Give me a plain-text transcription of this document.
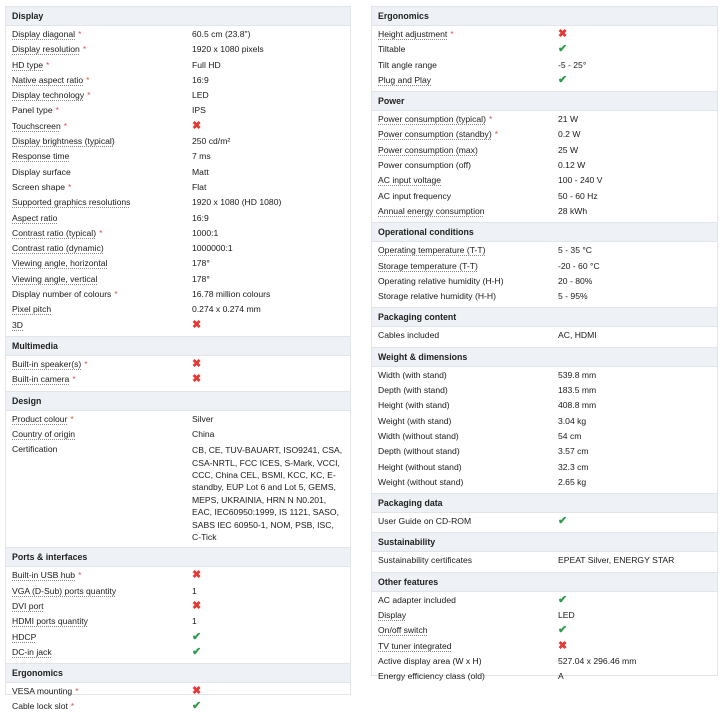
Display
Display diagonal *	60.5 cm (23.8")
Display resolution *	1920 x 1080 pixels
HD type *	Full HD
Native aspect ratio *	16:9
Display technology *	LED
Panel type *	IPS
Touchscreen *	✖
Display brightness (typical)	250 cd/m²
Response time	7 ms
Display surface	Matt
Screen shape *	Flat
Supported graphics resolutions	1920 x 1080 (HD 1080)
Aspect ratio	16:9
Contrast ratio (typical) *	1000:1
Contrast ratio (dynamic)	1000000:1
Viewing angle, horizontal	178°
Viewing angle, vertical	178°
Display number of colours *	16.78 million colours
Pixel pitch	0.274 x 0.274 mm
3D	✖
Multimedia
Built-in speaker(s) *	✖
Built-in camera *	✖
Design
Product colour *	Silver
Country of origin	China
Certification	CB, CE, TUV-BAUART, ISO9241, CSA, CSA-NRTL, FCC ICES, S-Mark, VCCI, CCC, China CEL, BSMI, KCC, KC, E-standby, EUP Lot 6 and Lot 5, GEMS, MEPS, UKRAINIA, HRN N N0.201, EAC, IEC60950:1999, IS 1121, SASO, SABS IEC 60950-1, NOM, PSB, ISC, C-Tick
Ports & interfaces
Built-in USB hub *	✖
VGA (D-Sub) ports quantity	1
DVI port	✖
HDMI ports quantity	1
HDCP	✔
DC-in jack	✔
Ergonomics
VESA mounting *	✖
Cable lock slot *	✔
Ergonomics
Height adjustment *	✖
Tiltable	✔
Tilt angle range	-5 - 25°
Plug and Play	✔
Power
Power consumption (typical) *	21 W
Power consumption (standby) *	0.2 W
Power consumption (max)	25 W
Power consumption (off)	0.12 W
AC input voltage	100 - 240 V
AC input frequency	50 - 60 Hz
Annual energy consumption	28 kWh
Operational conditions
Operating temperature (T-T)	5 - 35 °C
Storage temperature (T-T)	-20 - 60 °C
Operating relative humidity (H-H)	20 - 80%
Storage relative humidity (H-H)	5 - 95%
Packaging content
Cables included	AC, HDMI
Weight & dimensions
Width (with stand)	539.8 mm
Depth (with stand)	183.5 mm
Height (with stand)	408.8 mm
Weight (with stand)	3.04 kg
Width (without stand)	54 cm
Depth (without stand)	3.57 cm
Height (without stand)	32.3 cm
Weight (without stand)	2.65 kg
Packaging data
User Guide on CD-ROM	✔
Sustainability
Sustainability certificates	EPEAT Silver, ENERGY STAR
Other features
AC adapter included	✔
Display	LED
On/off switch	✔
TV tuner integrated	✖
Active display area (W x H)	527.04 x 296.46 mm
Energy efficiency class (old)	A
